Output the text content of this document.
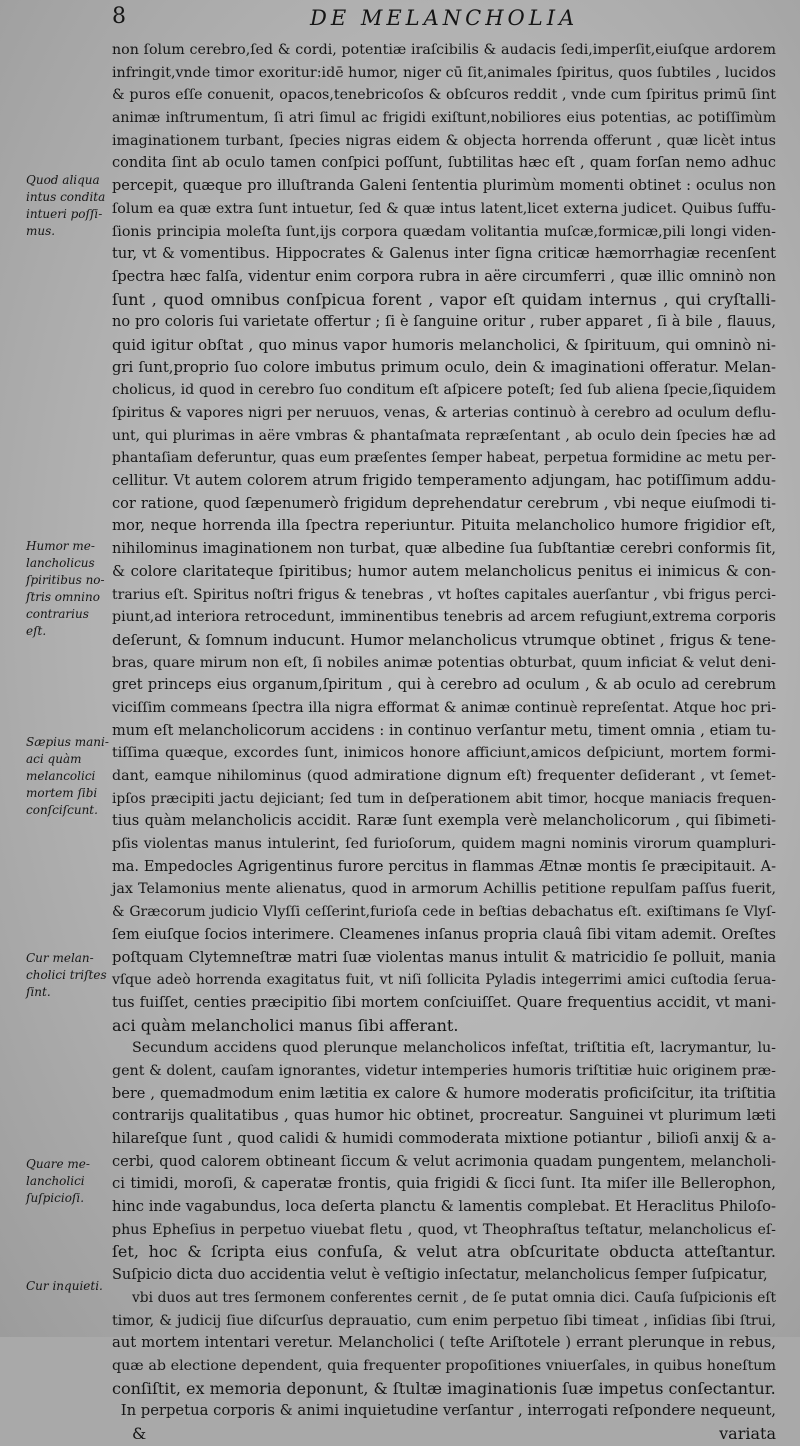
8	DE MELANCHOLIA
non ſolum cerebro,ſed & cordi, potentiæ iraſcibilis & audacis ſedi,imperſit,eiuſque ardorem
infringit,vnde timor exoritur:idē humor, niger cū ſit,animales ſpiritus, quos ſubtiles , lucidos
& puros eſſe conuenit, opacos,tenebricoſos & obſcuros reddit , vnde cum ſpiritus primū ſint
animæ inſtrumentum, ſi atri ſimul ac frigidi exiſtunt,nobiliores eius potentias, ac potiſſimùm
imaginationem turbant, ſpecies nigras eidem & objecta horrenda offerunt , quæ licèt intus
condita ſint ab oculo tamen conſpici poſſunt, ſubtilitas hæc eſt , quam forſan nemo adhuc
percepit, quæque pro illuſtranda Galeni ſententia plurimùm momenti obtinet : oculus non
ſolum ea quæ extra ſunt intuetur, ſed & quæ intus latent,licet externa judicet. Quibus ſuffu-
ſionis principia moleſta ſunt,ijs corpora quædam volitantia muſcæ,formicæ,pili longi viden-
tur, vt & vomentibus. Hippocrates & Galenus inter ſigna criticæ hæmorrhagiæ recenſent
ſpectra hæc falſa, videntur enim corpora rubra in aëre circumferri , quæ illic omninò non
ſunt , quod omnibus conſpicua forent , vapor eſt quidam internus , qui cryſtalli-
no pro coloris ſui varietate offertur ; ſi è ſanguine oritur , ruber apparet , ſi à bile , flauus,
quid igitur obſtat , quo minus vapor humoris melancholici, & ſpirituum, qui omninò ni-
gri ſunt,proprio ſuo colore imbutus primum oculo, dein & imaginationi offeratur. Melan-
cholicus, id quod in cerebro ſuo conditum eſt aſpicere poteſt; ſed ſub aliena ſpecie,ſiquidem
ſpiritus & vapores nigri per neruuos, venas, & arterias continuò à cerebro ad oculum deflu-
unt, qui plurimas in aëre vmbras & phantaſmata repræſentant , ab oculo dein ſpecies hæ ad
phantaſiam deferuntur, quas eum præſentes ſemper habeat, perpetua formidine ac metu per-
cellitur. Vt autem colorem atrum frigido temperamento adjungam, hac potiſſimum addu-
cor ratione, quod ſæpenumerò frigidum deprehendatur cerebrum , vbi neque eiuſmodi ti-
mor, neque horrenda illa ſpectra reperiuntur. Pituita melancholico humore frigidior eſt,
nihilominus imaginationem non turbat, quæ albedine ſua ſubſtantiæ cerebri conformis ſit,
& colore claritateque ſpiritibus; humor autem melancholicus penitus ei inimicus & con-
trarius eſt. Spiritus noſtri frigus & tenebras , vt hoſtes capitales auerſantur , vbi frigus perci-
piunt,ad interiora retrocedunt, imminentibus tenebris ad arcem refugiunt,extrema corporis
deſerunt, & ſomnum inducunt. Humor melancholicus vtrumque obtinet , frigus & tene-
bras, quare mirum non eſt, ſi nobiles animæ potentias obturbat, quum inficiat & velut deni-
gret princeps eius organum,ſpiritum , qui à cerebro ad oculum , & ab oculo ad cerebrum
viciſſim commeans ſpectra illa nigra efformat & animæ continuè repreſentat. Atque hoc pri-
mum eſt melancholicorum accidens : in continuo verſantur metu, timent omnia , etiam tu-
tiſſima quæque, excordes ſunt, inimicos honore afficiunt,amicos deſpiciunt, mortem formi-
dant, eamque nihilominus (quod admiratione dignum eſt) frequenter deſiderant , vt ſemet-
ipſos præcipiti jactu dejiciant; ſed tum in deſperationem abit timor, hocque maniacis frequen-
tius quàm melancholicis accidit. Raræ ſunt exempla verè melancholicorum , qui ſibimeti-
pſis violentas manus intulerint, ſed furioſorum, quidem magni nominis virorum quampluri-
ma. Empedocles Agrigentinus furore percitus in flammas Ætnæ montis ſe præcipitauit. A-
jax Telamonius mente alienatus, quod in armorum Achillis petitione repulſam paſſus fuerit,
& Græcorum judicio Vlyſſi ceſſerint,furioſa cede in beſtias debachatus eſt. exiſtimans ſe Vlyſ-
ſem eiuſque ſocios interimere. Cleamenes inſanus propria clauâ ſibi vitam ademit. Oreſtes
poſtquam Clytemneſtræ matri ſuæ violentas manus intulit & matricidio ſe polluit, mania
vſque adeò horrenda exagitatus fuit, vt niſi ſollicita Pyladis integerrimi amici cuſtodia ſerua-
tus fuiſſet, centies præcipitio ſibi mortem conſciuiſſet. Quare frequentius accidit, vt mani-
aci quàm melancholici manus ſibi afferant.
Secundum accidens quod plerunque melancholicos infeſtat, triſtitia eſt, lacrymantur, lu-
gent & dolent, cauſam ignorantes, videtur intemperies humoris triſtitiæ huic originem præ-
bere , quemadmodum enim lætitia ex calore & humore moderatis proficiſcitur, ita triſtitia
contrarijs qualitatibus , quas humor hic obtinet, procreatur. Sanguinei vt plurimum læti
hilareſque ſunt , quod calidi & humidi commoderata mixtione potiantur , bilioſi anxij & a-
cerbi, quod calorem obtineant ſiccum & velut acrimonia quadam pungentem, melancholi-
ci timidi, moroſi, & caperatæ frontis, quia frigidi & ſicci ſunt. Ita miſer ille Bellerophon,
hinc inde vagabundus, loca deſerta planctu & lamentis complebat. Et Heraclitus Philoſo-
phus Epheſius in perpetuo viuebat fletu , quod, vt Theophraſtus teſtatur, melancholicus eſ-
ſet, hoc & ſcripta eius confuſa, & velut atra obſcuritate obducta atteſtantur.
Suſpicio dicta duo accidentia velut è veſtigio inſectatur, melancholicus ſemper ſuſpicatur,
vbi duos aut tres ſermonem conferentes cernit , de ſe putat omnia dici. Cauſa ſuſpicionis eſt
timor, & judicij ſiue diſcurſus deprauatio, cum enim perpetuo ſibi timeat , inſidias ſibi ſtrui,
aut mortem intentari veretur. Melancholici ( teſte Ariſtotele ) errant plerunque in rebus,
quæ ab electione dependent, quia frequenter propoſitiones vniuerſales, in quibus honeſtum
conſiſtit, ex memoria deponunt, & ſtultæ imaginationis ſuæ impetus conſectantur.
In perpetua corporis & animi inquietudine verſantur , interrogati reſpondere nequeunt,
& variata
Quod aliqua
intus condita
intueri poſſi-
mus.
Humor me-
lancholicus
ſpiritibus no-
ſtris omnino
contrarius
eſt.
Sæpius mani-
aci quàm
melancolici
mortem ſibi
conſciſcunt.
Cur melan-
cholici triſtes
ſint.
Quare me-
lancholici
ſuſpicioſi.
Cur inquieti.
